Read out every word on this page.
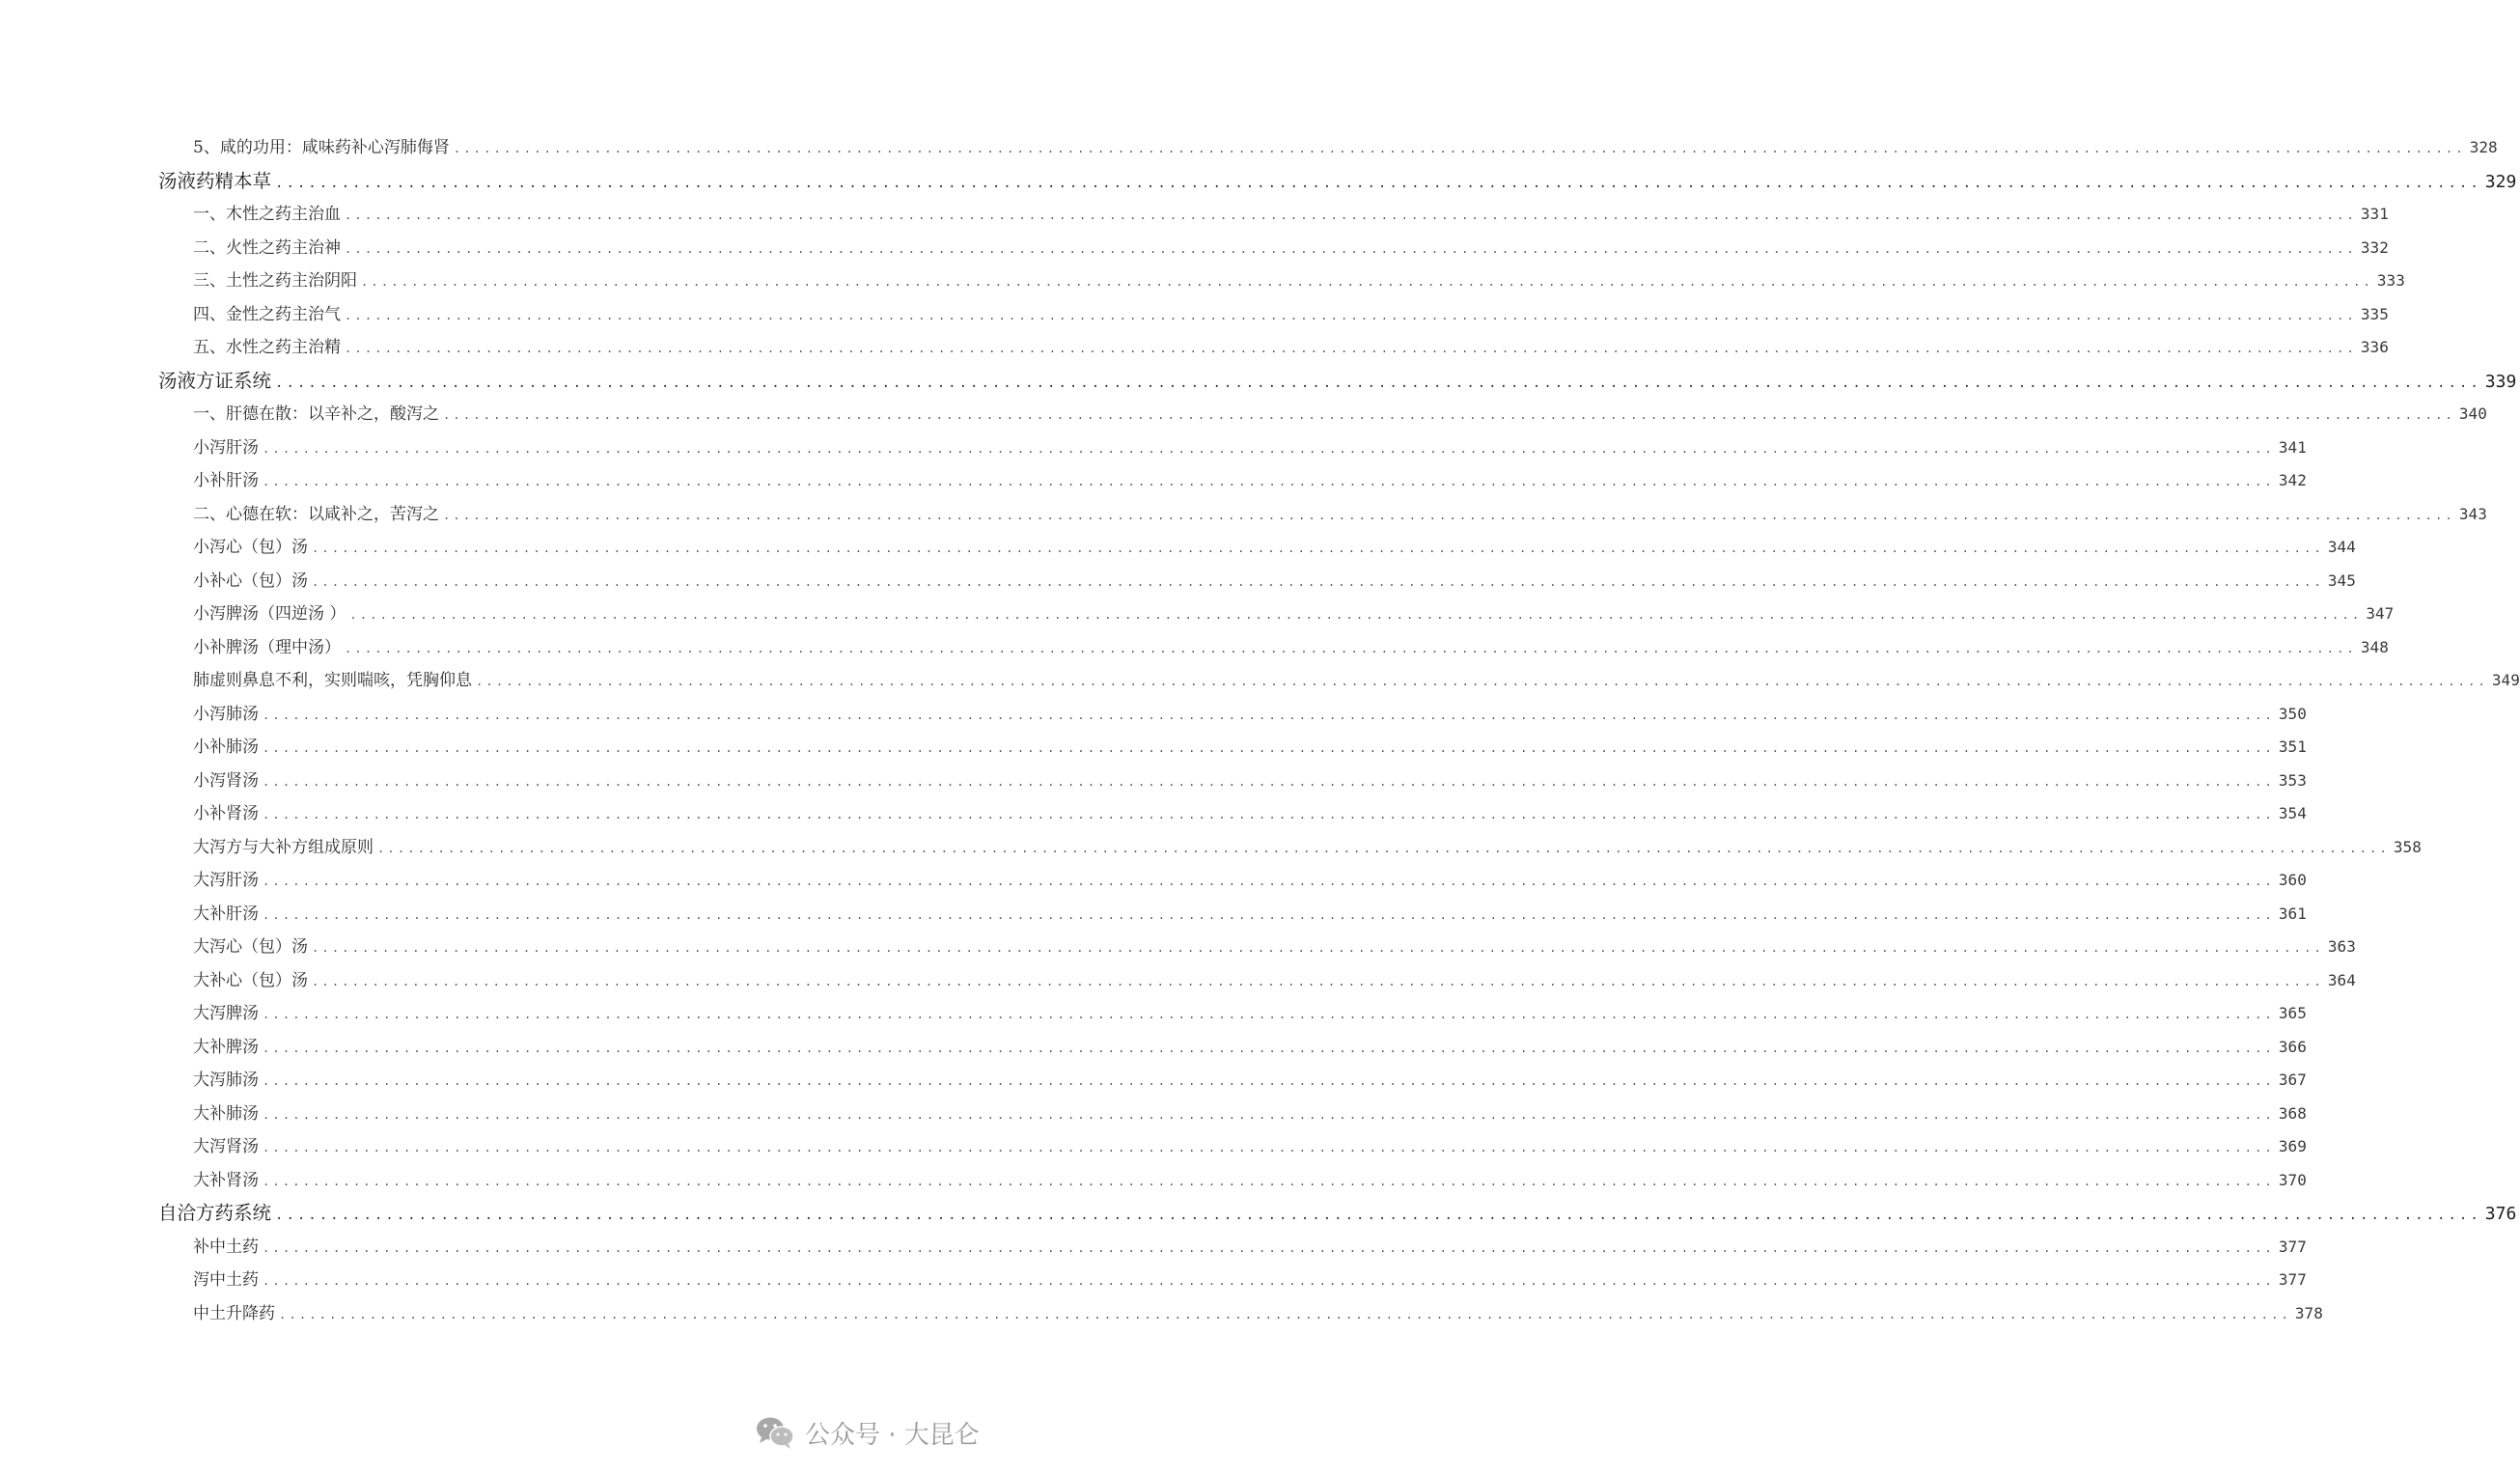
5、咸的功用：咸味药补心泻肺侮肾 ........................................................................................................................................................................................................ 328
汤液药精本草 ........................................................................................................................................................................................................ 329
一、木性之药主治血 ........................................................................................................................................................................................................ 331
二、火性之药主治神 ........................................................................................................................................................................................................ 332
三、土性之药主治阴阳 ........................................................................................................................................................................................................ 333
四、金性之药主治气 ........................................................................................................................................................................................................ 335
五、水性之药主治精 ........................................................................................................................................................................................................ 336
汤液方证系统 ........................................................................................................................................................................................................ 339
一、肝德在散：以辛补之，酸泻之 ........................................................................................................................................................................................................ 340
小泻肝汤 ........................................................................................................................................................................................................ 341
小补肝汤 ........................................................................................................................................................................................................ 342
二、心德在软：以咸补之，苦泻之 ........................................................................................................................................................................................................ 343
小泻心（包）汤 ........................................................................................................................................................................................................ 344
小补心（包）汤 ........................................................................................................................................................................................................ 345
小泻脾汤（四逆汤 ） ........................................................................................................................................................................................................ 347
小补脾汤（理中汤） ........................................................................................................................................................................................................ 348
肺虚则鼻息不利，实则喘咳，凭胸仰息 ........................................................................................................................................................................................................ 349
小泻肺汤 ........................................................................................................................................................................................................ 350
小补肺汤 ........................................................................................................................................................................................................ 351
小泻肾汤 ........................................................................................................................................................................................................ 353
小补肾汤 ........................................................................................................................................................................................................ 354
大泻方与大补方组成原则 ........................................................................................................................................................................................................ 358
大泻肝汤 ........................................................................................................................................................................................................ 360
大补肝汤 ........................................................................................................................................................................................................ 361
大泻心（包）汤 ........................................................................................................................................................................................................ 363
大补心（包）汤 ........................................................................................................................................................................................................ 364
大泻脾汤 ........................................................................................................................................................................................................ 365
大补脾汤 ........................................................................................................................................................................................................ 366
大泻肺汤 ........................................................................................................................................................................................................ 367
大补肺汤 ........................................................................................................................................................................................................ 368
大泻肾汤 ........................................................................................................................................................................................................ 369
大补肾汤 ........................................................................................................................................................................................................ 370
自洽方药系统 ........................................................................................................................................................................................................ 376
补中土药 ........................................................................................................................................................................................................ 377
泻中土药 ........................................................................................................................................................................................................ 377
中土升降药 ........................................................................................................................................................................................................ 378
公众号 · 大昆仑
